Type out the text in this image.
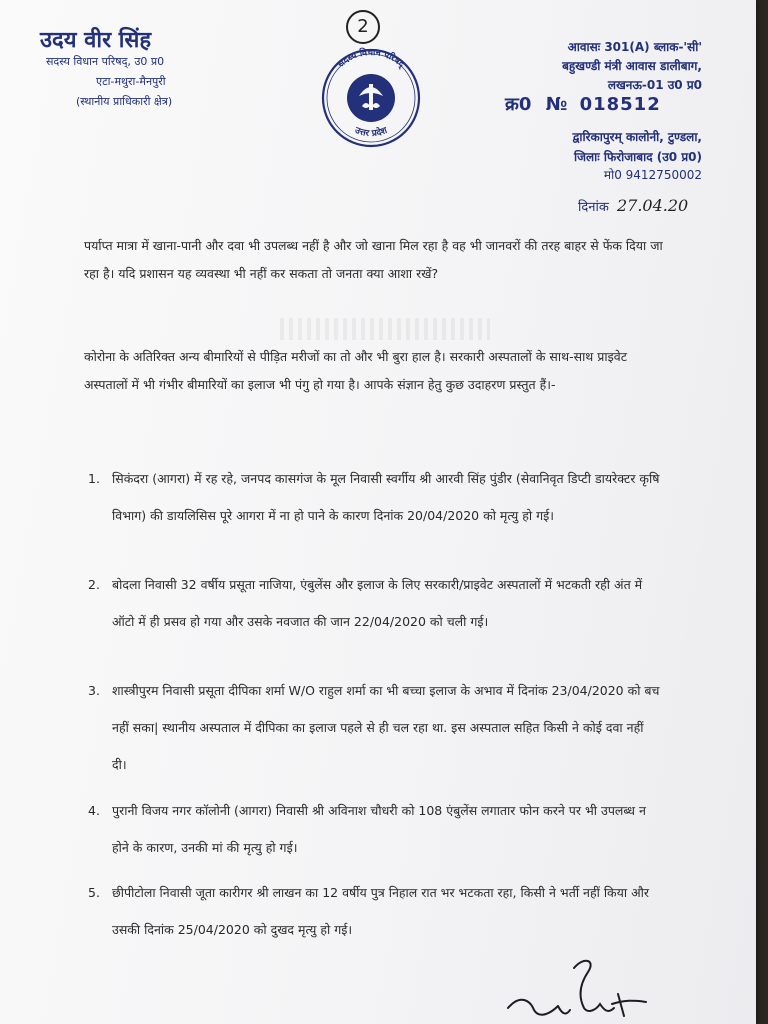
उदय वीर सिंह
सदस्य विधान परिषद्, उ0 प्र0
एटा-मथुरा-मैनपुरी
(स्थानीय प्राधिकारी क्षेत्र)
2
सदस्य विधान परिषद्
उत्तर प्रदेश
आवासः 301(A) ब्लाक-'सी'
बहुखण्डी मंत्री आवास डालीबाग,
लखनऊ-01 उ0 प्र0
क्र0 № 018512
द्वारिकापुरम् कालोनी, टुण्डला,
जिलाः फिरोजाबाद (उ0 प्र0)
मो0 9412750002
दिनांक 27.04.20
पर्याप्त मात्रा में खाना-पानी और दवा भी उपलब्ध नहीं है और जो खाना मिल रहा है वह भी जानवरों की तरह बाहर से फेंक दिया जा रहा है। यदि प्रशासन यह व्यवस्था भी नहीं कर सकता तो जनता क्या आशा रखें?
कोरोना के अतिरिक्त अन्य बीमारियों से पीड़ित मरीजों का तो और भी बुरा हाल है। सरकारी अस्पतालों के साथ-साथ प्राइवेट अस्पतालों में भी गंभीर बीमारियों का इलाज भी पंगु हो गया है। आपके संज्ञान हेतु कुछ उदाहरण प्रस्तुत हैं।-
1. सिकंदरा (आगरा) में रह रहे, जनपद कासगंज के मूल निवासी स्वर्गीय श्री आरवी सिंह पुंडीर (सेवानिवृत डिप्टी डायरेक्टर कृषि विभाग) की डायलिसिस पूरे आगरा में ना हो पाने के कारण दिनांक 20/04/2020 को मृत्यु हो गई।
2. बोदला निवासी 32 वर्षीय प्रसूता नाजिया, एंबुलेंस और इलाज के लिए सरकारी/प्राइवेट अस्पतालों में भटकती रही अंत में ऑटो में ही प्रसव हो गया और उसके नवजात की जान 22/04/2020 को चली गई।
3. शास्त्रीपुरम निवासी प्रसूता दीपिका शर्मा W/O राहुल शर्मा का भी बच्चा इलाज के अभाव में दिनांक 23/04/2020 को बच नहीं सका| स्थानीय अस्पताल में दीपिका का इलाज पहले से ही चल रहा था. इस अस्पताल सहित किसी ने कोई दवा नहीं दी।
4. पुरानी विजय नगर कॉलोनी (आगरा) निवासी श्री अविनाश चौधरी को 108 एंबुलेंस लगातार फोन करने पर भी उपलब्ध न होने के कारण, उनकी मां की मृत्यु हो गई।
5. छीपीटोला निवासी जूता कारीगर श्री लाखन का 12 वर्षीय पुत्र निहाल रात भर भटकता रहा, किसी ने भर्ती नहीं किया और उसकी दिनांक 25/04/2020 को दुखद मृत्यु हो गई।
